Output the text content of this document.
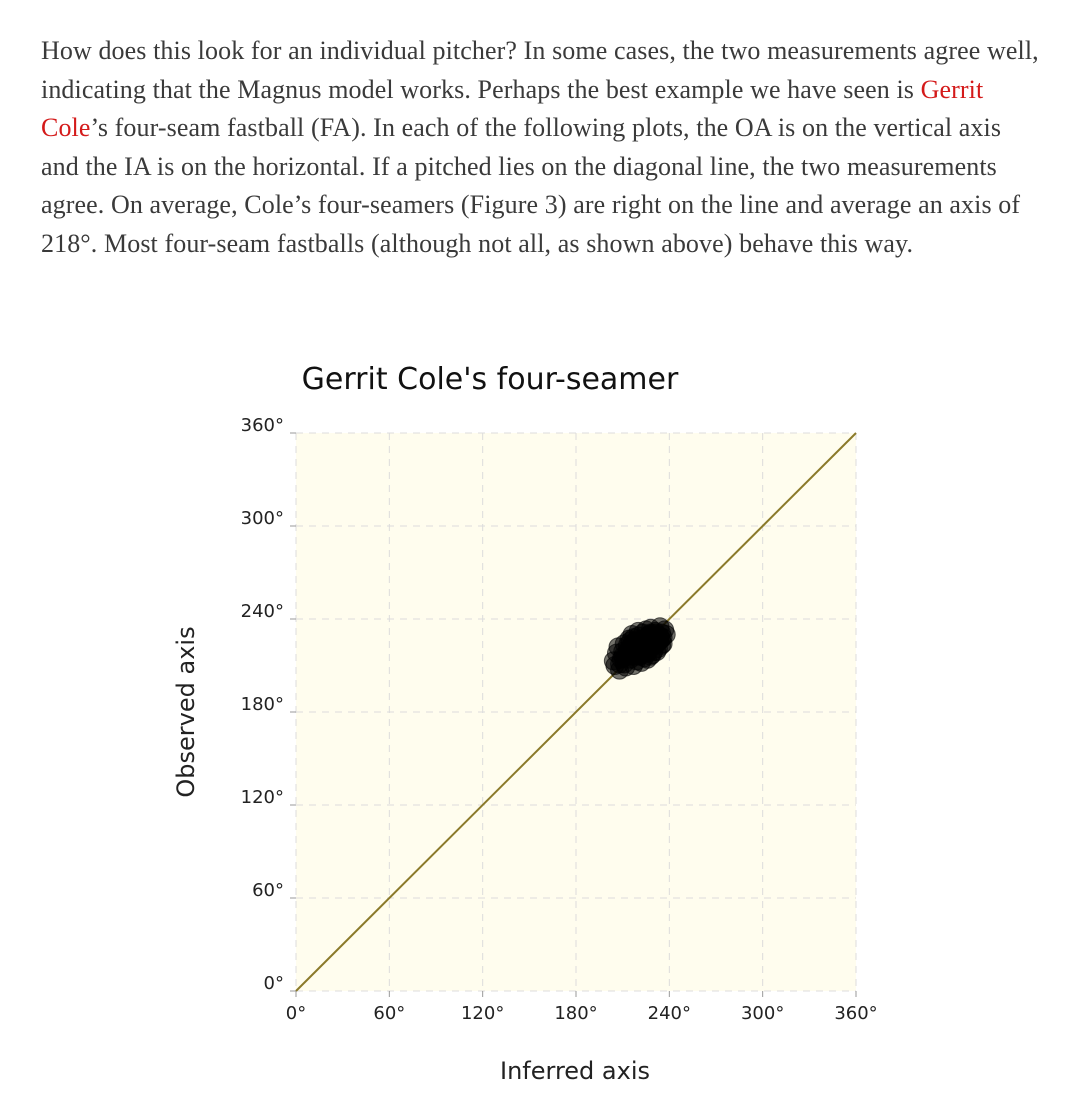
How does this look for an individual pitcher? In some cases, the two measurements agree well, indicating that the Magnus model works. Perhaps the best example we have seen is Gerrit Cole’s four-seam fastball (FA). In each of the following plots, the OA is on the vertical axis and the IA is on the horizontal. If a pitched lies on the diagonal line, the two measurements agree. On average, Cole’s four-seamers (Figure 3) are right on the line and average an axis of 218°. Most four-seam fastballs (although not all, as shown above) behave this way.

Gerrit Cole's four-seamer
0°	60°	120°	180°	240°	300°	360°
0°
60°
120°
180°
240°
300°
360°
Inferred axis
Observed axis
